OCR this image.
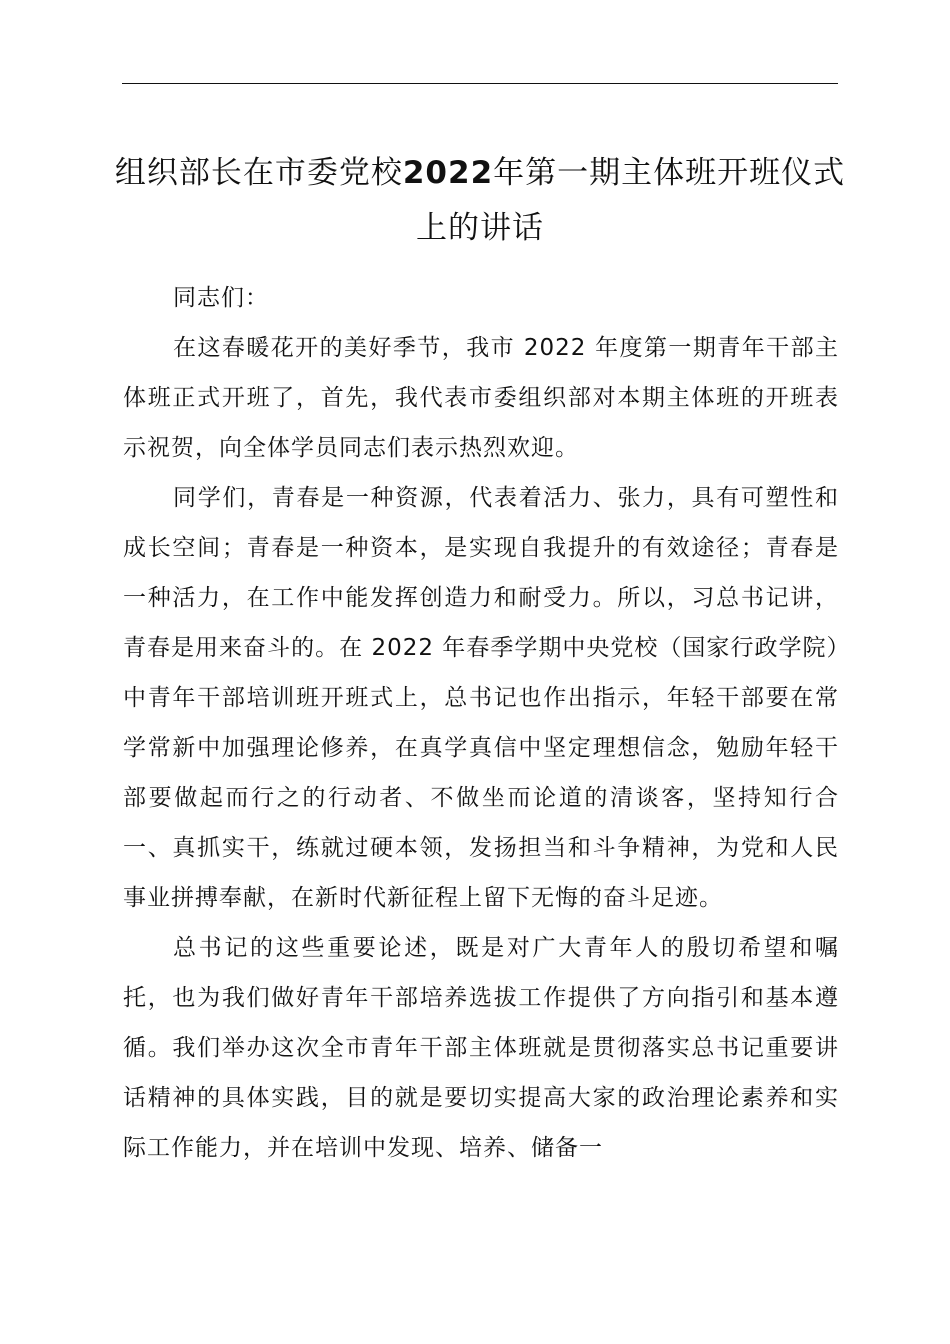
组织部长在市委党校2022年第一期主体班开班仪式上的讲话

同志们：

在这春暖花开的美好季节，我市 2022 年度第一期青年干部主体班正式开班了，首先，我代表市委组织部对本期主体班的开班表示祝贺，向全体学员同志们表示热烈欢迎。

同学们，青春是一种资源，代表着活力、张力，具有可塑性和成长空间；青春是一种资本，是实现自我提升的有效途径；青春是一种活力，在工作中能发挥创造力和耐受力。所以，习总书记讲，青春是用来奋斗的。在 2022 年春季学期中央党校（国家行政学院）中青年干部培训班开班式上，总书记也作出指示，年轻干部要在常学常新中加强理论修养，在真学真信中坚定理想信念，勉励年轻干部要做起而行之的行动者、不做坐而论道的清谈客，坚持知行合一、真抓实干，练就过硬本领，发扬担当和斗争精神，为党和人民事业拼搏奉献，在新时代新征程上留下无悔的奋斗足迹。

总书记的这些重要论述，既是对广大青年人的殷切希望和嘱托，也为我们做好青年干部培养选拔工作提供了方向指引和基本遵循。我们举办这次全市青年干部主体班就是贯彻落实总书记重要讲话精神的具体实践，目的就是要切实提高大家的政治理论素养和实际工作能力，并在培训中发现、培养、储备一
